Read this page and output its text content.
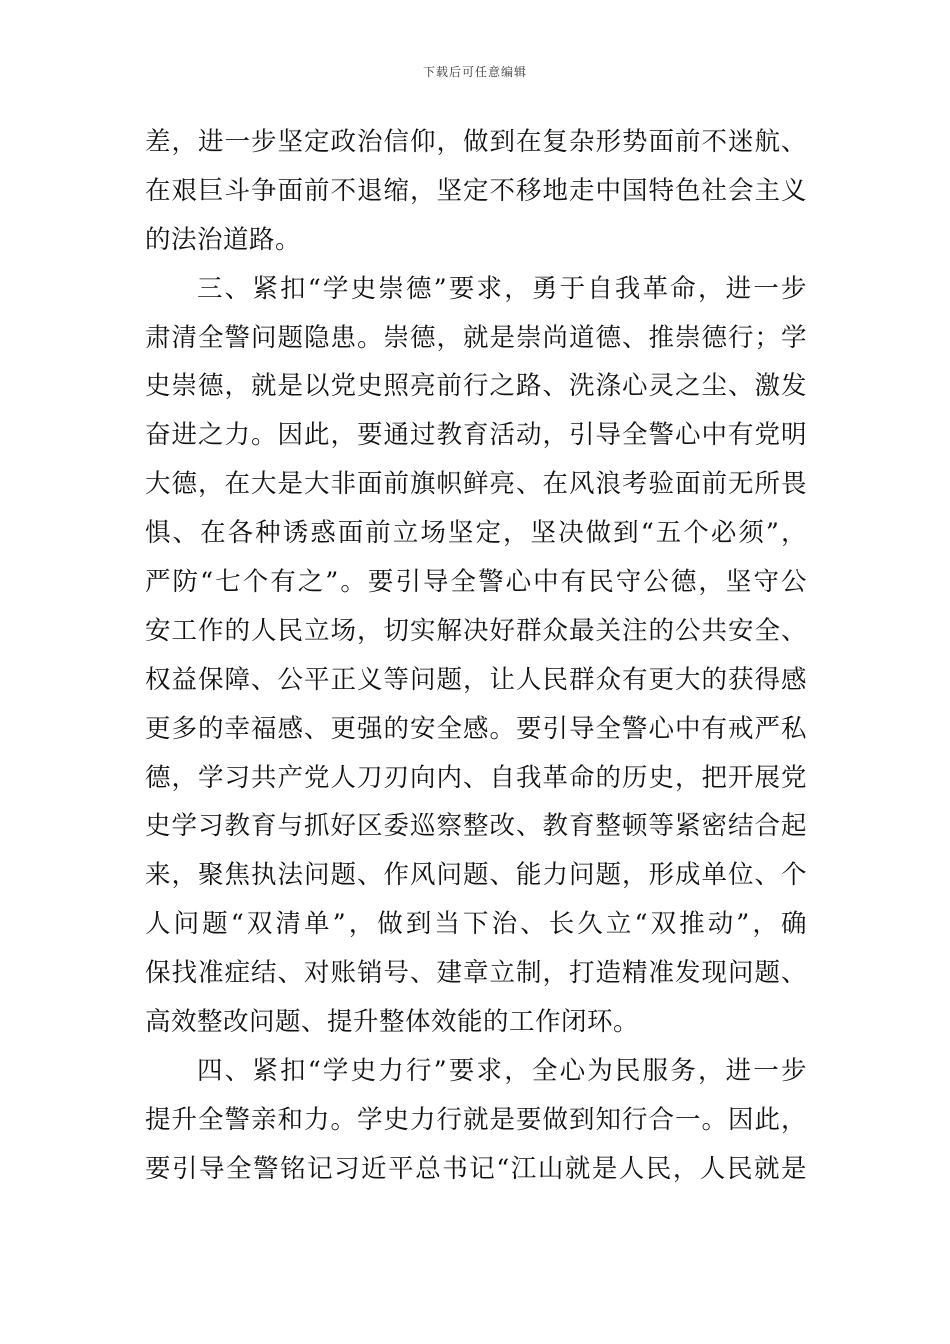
下载后可任意编辑
差，进一步坚定政治信仰，做到在复杂形势面前不迷航、
在艰巨斗争面前不退缩，坚定不移地走中国特色社会主义
的法治道路。
三、紧扣“学史崇德”要求，勇于自我革命，进一步
肃清全警问题隐患。崇德，就是崇尚道德、推崇德行；学
史崇德，就是以党史照亮前行之路、洗涤心灵之尘、激发
奋进之力。因此，要通过教育活动，引导全警心中有党明
大德，在大是大非面前旗帜鲜亮、在风浪考验面前无所畏
惧、在各种诱惑面前立场坚定，坚决做到“五个必须”，
严防“七个有之”。要引导全警心中有民守公德，坚守公
安工作的人民立场，切实解决好群众最关注的公共安全、
权益保障、公平正义等问题，让人民群众有更大的获得感
更多的幸福感、更强的安全感。要引导全警心中有戒严私
德，学习共产党人刀刃向内、自我革命的历史，把开展党
史学习教育与抓好区委巡察整改、教育整顿等紧密结合起
来，聚焦执法问题、作风问题、能力问题，形成单位、个
人问题“双清单”，做到当下治、长久立“双推动”，确
保找准症结、对账销号、建章立制，打造精准发现问题、
高效整改问题、提升整体效能的工作闭环。
四、紧扣“学史力行”要求，全心为民服务，进一步
提升全警亲和力。学史力行就是要做到知行合一。因此，
要引导全警铭记习近平总书记“江山就是人民，人民就是
